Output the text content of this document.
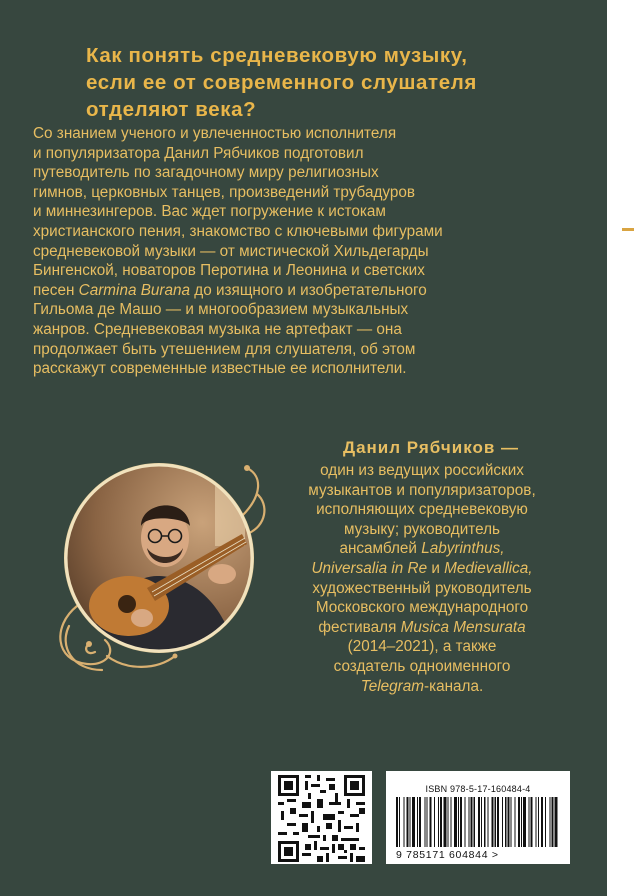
Как понять средневековую музыку,
если ее от современного слушателя
отделяют века?
Со знанием ученого и увлеченностью исполнителя
и популяризатора Данил Рябчиков подготовил
путеводитель по загадочному миру религиозных
гимнов, церковных танцев, произведений трубадуров
и миннезингеров. Вас ждет погружение к истокам
христианского пения, знакомство с ключевыми фигурами
средневековой музыки — от мистической Хильдегарды
Бингенской, новаторов Перотина и Леонина и светских
песен Carmina Burana до изящного и изобретательного
Гильома де Машо — и многообразием музыкальных
жанров. Средневековая музыка не артефакт — она
продолжает быть утешением для слушателя, об этом
расскажут современные известные ее исполнители.
Данил Рябчиков —
один из ведущих российских
музыкантов и популяризаторов,
исполняющих средневековую
музыку; руководитель
ансамблей Labyrinthus,
Universalia in Re и Medievallica,
художественный руководитель
Московского международного
фестиваля Musica Mensurata
(2014–2021), а также
создатель одноименного
Telegram-канала.
ISBN 978-5-17-160484-4
9 785171 604844 >
